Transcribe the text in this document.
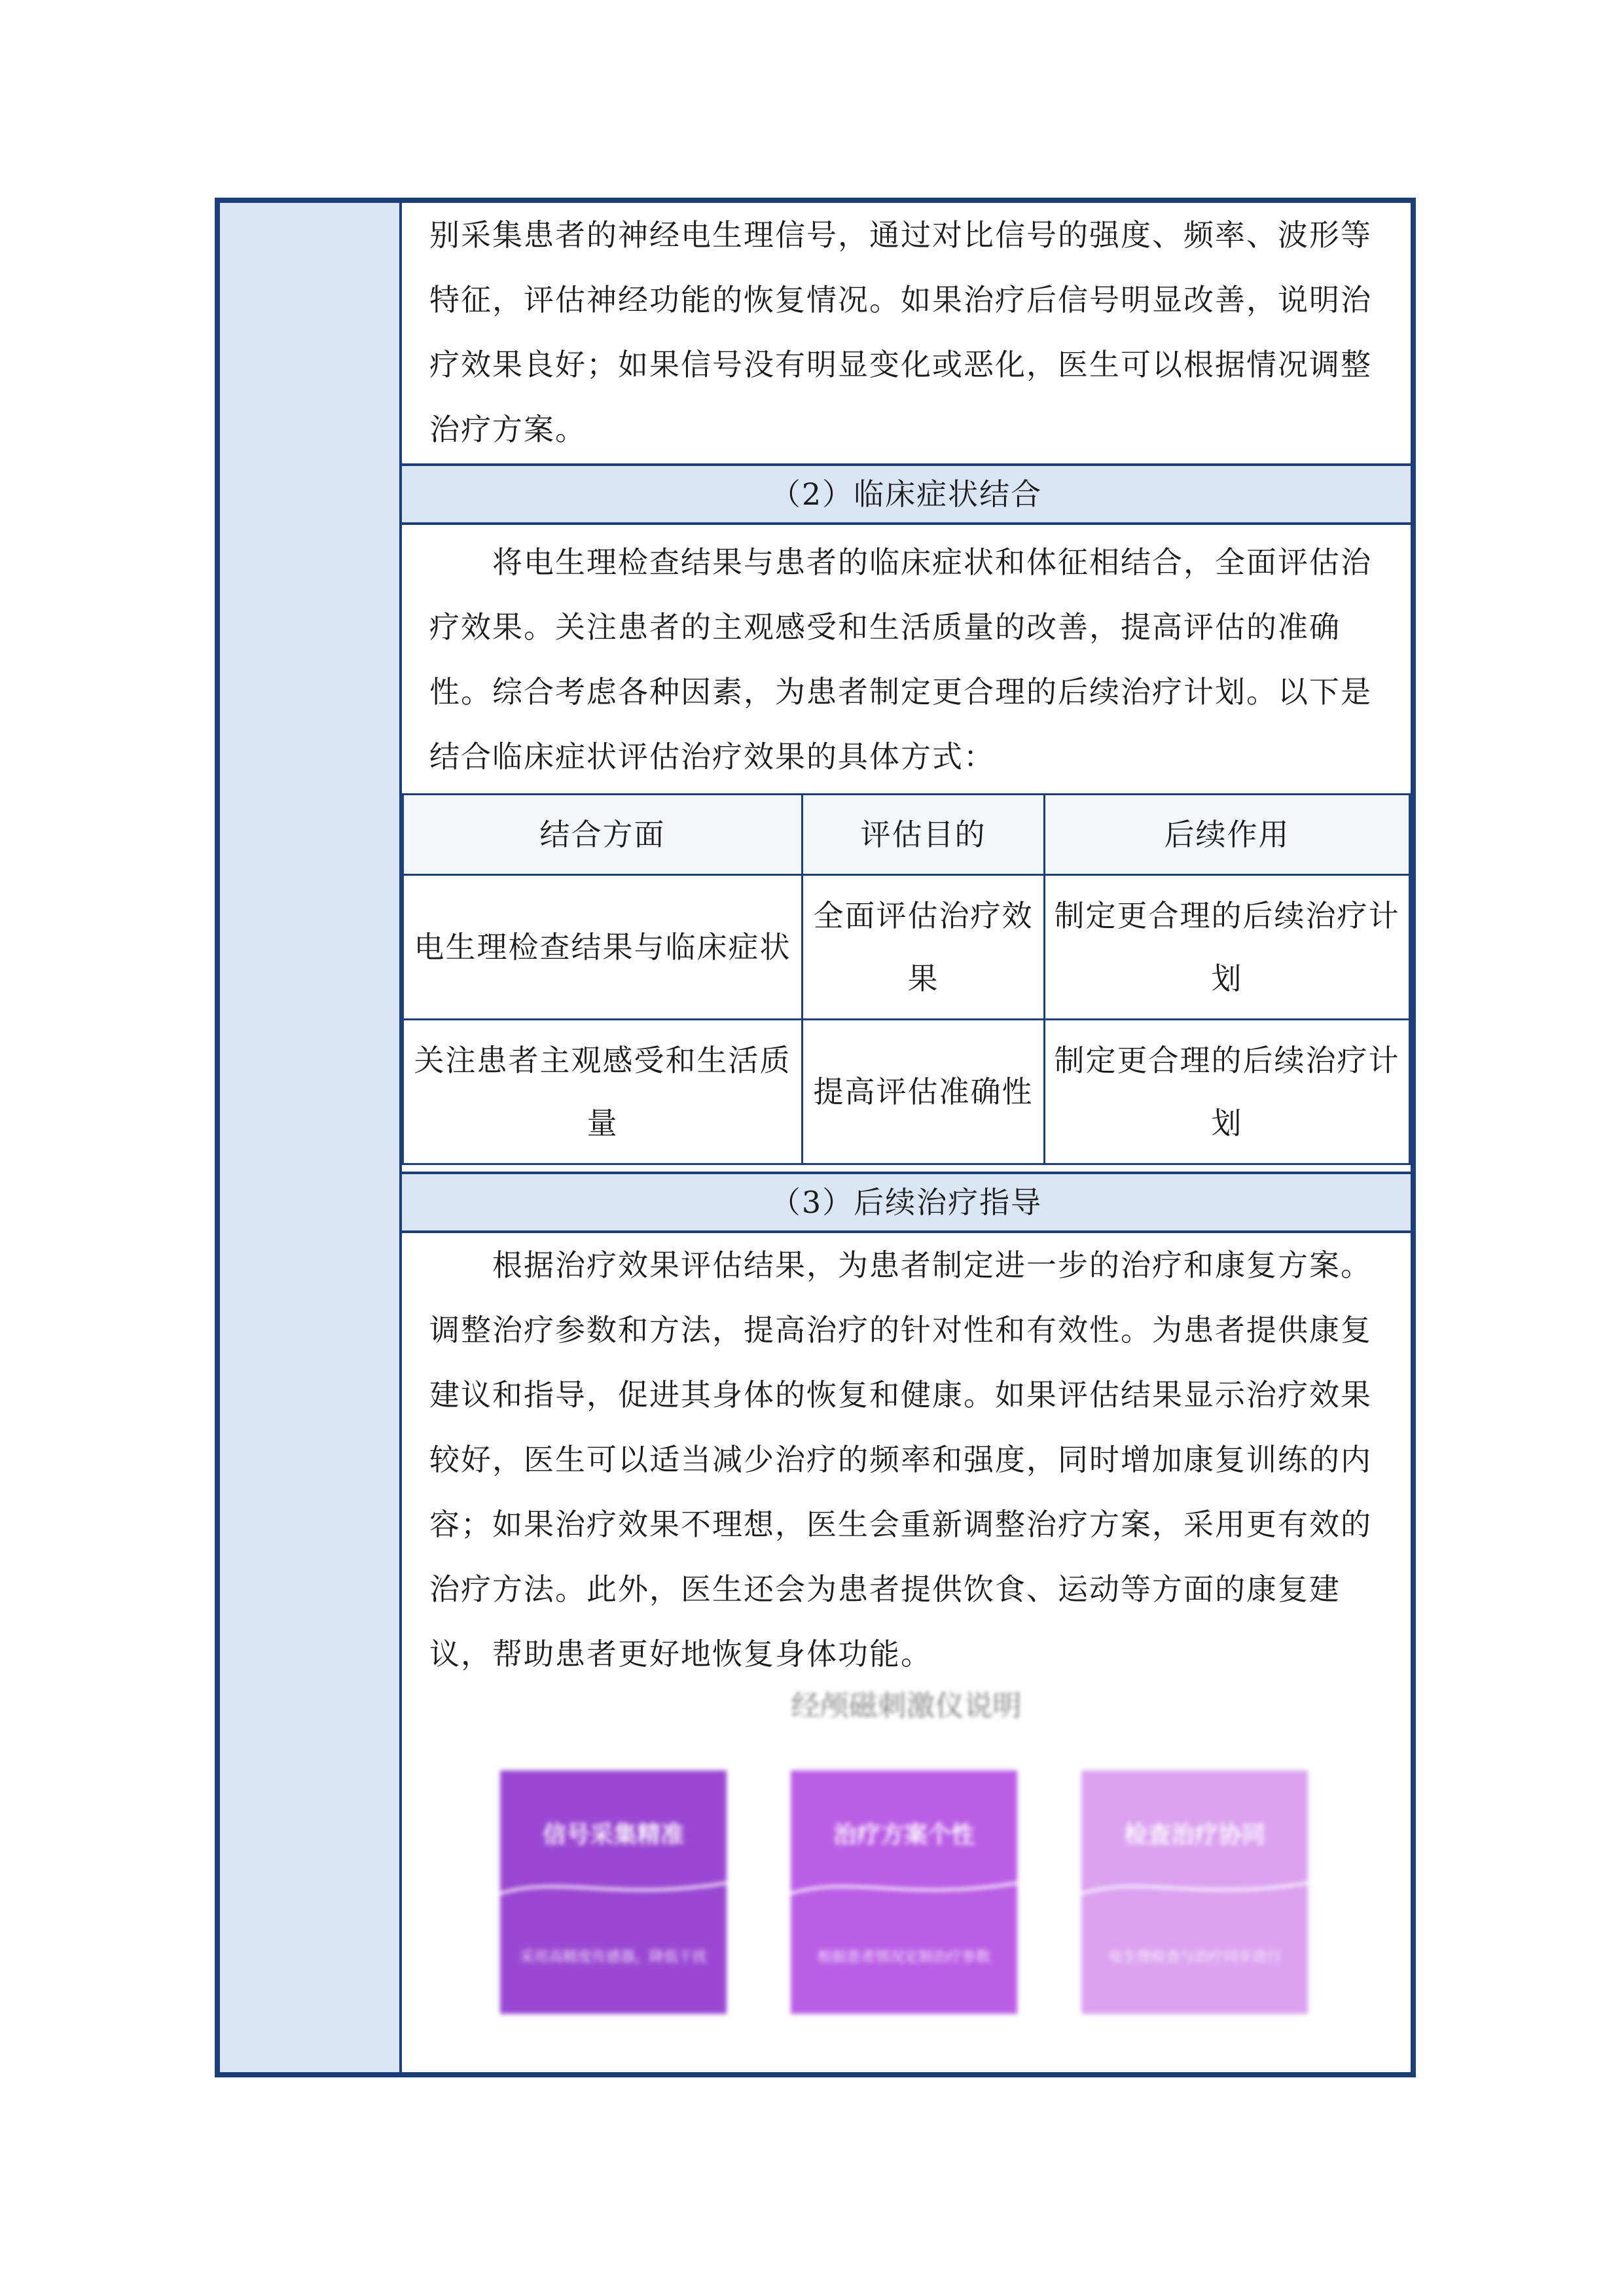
别采集患者的神经电生理信号，通过对比信号的强度、频率、波形等特征，评估神经功能的恢复情况。如果治疗后信号明显改善，说明治疗效果良好；如果信号没有明显变化或恶化，医生可以根据情况调整治疗方案。
（2）临床症状结合
将电生理检查结果与患者的临床症状和体征相结合，全面评估治疗效果。关注患者的主观感受和生活质量的改善，提高评估的准确性。综合考虑各种因素，为患者制定更合理的后续治疗计划。以下是结合临床症状评估治疗效果的具体方式：
结合方面	评估目的	后续作用
电生理检查结果与临床症状	全面评估治疗效果	制定更合理的后续治疗计划
关注患者主观感受和生活质量	提高评估准确性	制定更合理的后续治疗计划
（3）后续治疗指导
根据治疗效果评估结果，为患者制定进一步的治疗和康复方案。调整治疗参数和方法，提高治疗的针对性和有效性。为患者提供康复建议和指导，促进其身体的恢复和健康。如果评估结果显示治疗效果较好，医生可以适当减少治疗的频率和强度，同时增加康复训练的内容；如果治疗效果不理想，医生会重新调整治疗方案，采用更有效的治疗方法。此外，医生还会为患者提供饮食、运动等方面的康复建议，帮助患者更好地恢复身体功能。
经颅磁刺激仪说明
信号采集精准
采用高精度传感器，降低干扰
治疗方案个性
根据患者情况定制治疗参数
检查治疗协同
电生理检查与治疗同步进行
